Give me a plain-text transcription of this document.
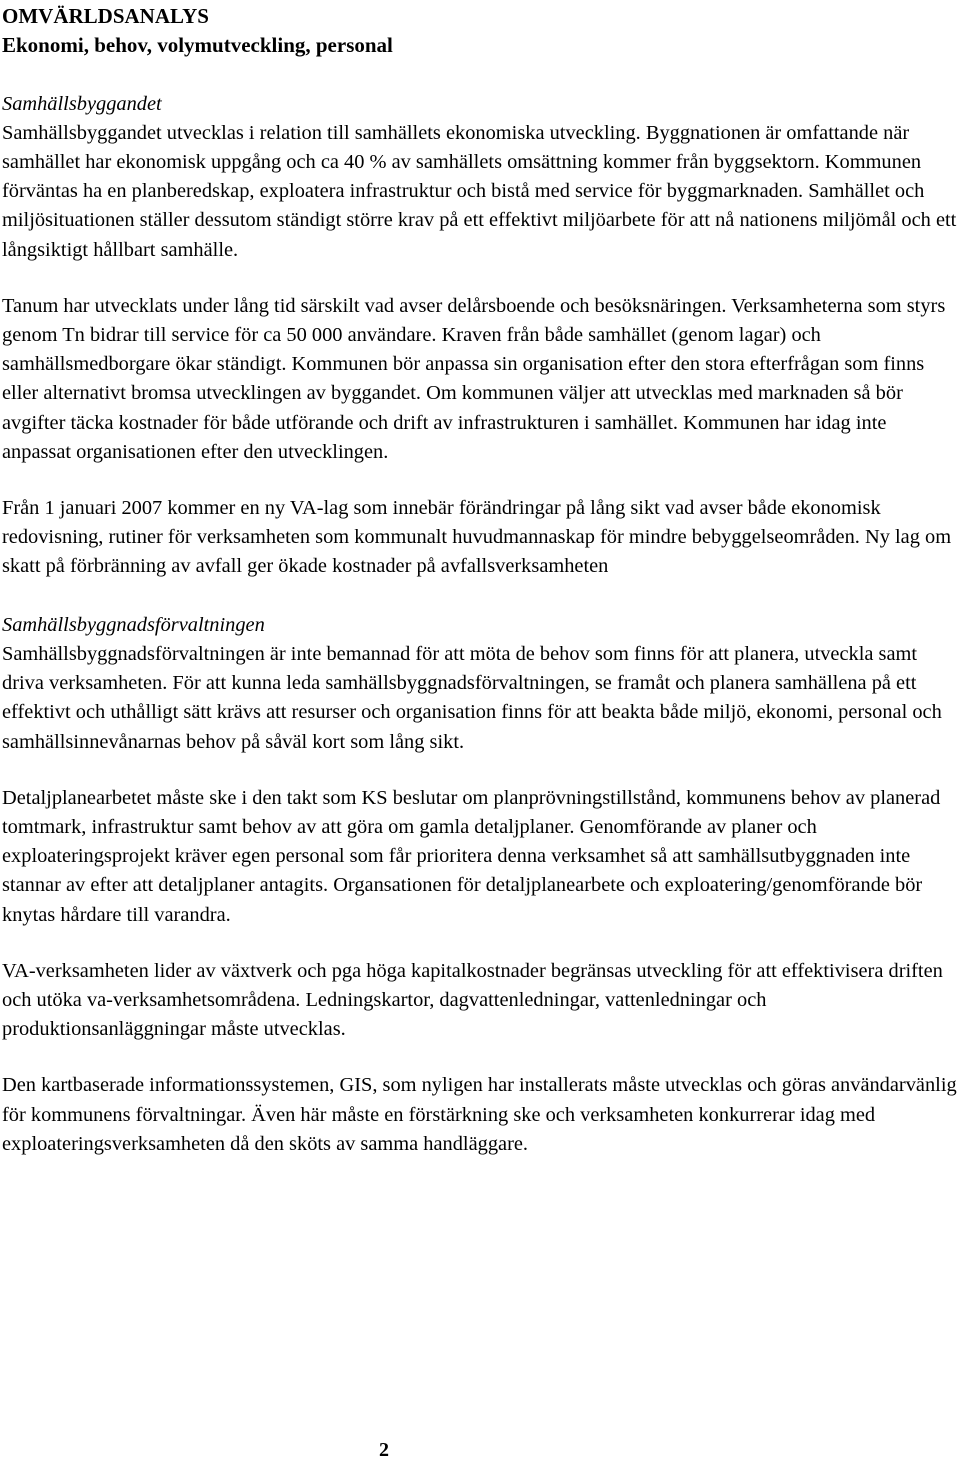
OMVÄRLDSANALYS
Ekonomi, behov, volymutveckling, personal
Samhällsbyggandet

Samhällsbyggandet utvecklas i relation till samhällets ekonomiska utveckling. Byggnationen är omfattande när samhället har ekonomisk uppgång och ca 40 % av samhällets omsättning kommer från byggsektorn. Kommunen förväntas ha en planberedskap, exploatera infrastruktur och bistå med service för byggmarknaden. Samhället och miljösituationen ställer dessutom ständigt större krav på ett effektivt miljöarbete för att nå nationens miljömål och ett långsiktigt hållbart samhälle.

Tanum har utvecklats under lång tid särskilt vad avser delårsboende och besöksnäringen. Verksamheterna som styrs genom Tn bidrar till service för ca 50 000 användare. Kraven från både samhället (genom lagar) och samhällsmedborgare ökar ständigt. Kommunen bör anpassa sin organisation efter den stora efterfrågan som finns eller alternativt bromsa utvecklingen av byggandet. Om kommunen väljer att utvecklas med marknaden så bör avgifter täcka kostnader för både utförande och drift av infrastrukturen i samhället. Kommunen har idag inte anpassat organisationen efter den utvecklingen.

Från 1 januari 2007 kommer en ny VA-lag som innebär förändringar på lång sikt vad avser både ekonomisk redovisning, rutiner för verksamheten som kommunalt huvudmannaskap för mindre bebyggelseområden. Ny lag om skatt på förbränning av avfall ger ökade kostnader på avfallsverksamheten

Samhällsbyggnadsförvaltningen

Samhällsbyggnadsförvaltningen är inte bemannad för att möta de behov som finns för att planera, utveckla samt driva verksamheten. För att kunna leda samhällsbyggnadsförvaltningen, se framåt och planera samhällena på ett effektivt och uthålligt sätt krävs att resurser och organisation finns för att beakta både miljö, ekonomi, personal och samhällsinnevånarnas behov på såväl kort som lång sikt.

Detaljplanearbetet måste ske i den takt som KS beslutar om planprövningstillstånd, kommunens behov av planerad tomtmark, infrastruktur samt behov av att göra om gamla detaljplaner. Genomförande av planer och exploateringsprojekt kräver egen personal som får prioritera denna verksamhet så att samhällsutbyggnaden inte stannar av efter att detaljplaner antagits. Organsationen för detaljplanearbete och exploatering/genomförande bör knytas hårdare till varandra.

VA-verksamheten lider av växtverk och pga höga kapitalkostnader begränsas utveckling för att effektivisera driften och utöka va-verksamhetsområdena. Ledningskartor, dagvattenledningar, vattenledningar och produktionsanläggningar måste utvecklas.

Den kartbaserade informationssystemen, GIS, som nyligen har installerats måste utvecklas och göras användarvänlig för kommunens förvaltningar. Även här måste en förstärkning ske och verksamheten konkurrerar idag med exploateringsverksamheten då den sköts av samma handläggare.

2
